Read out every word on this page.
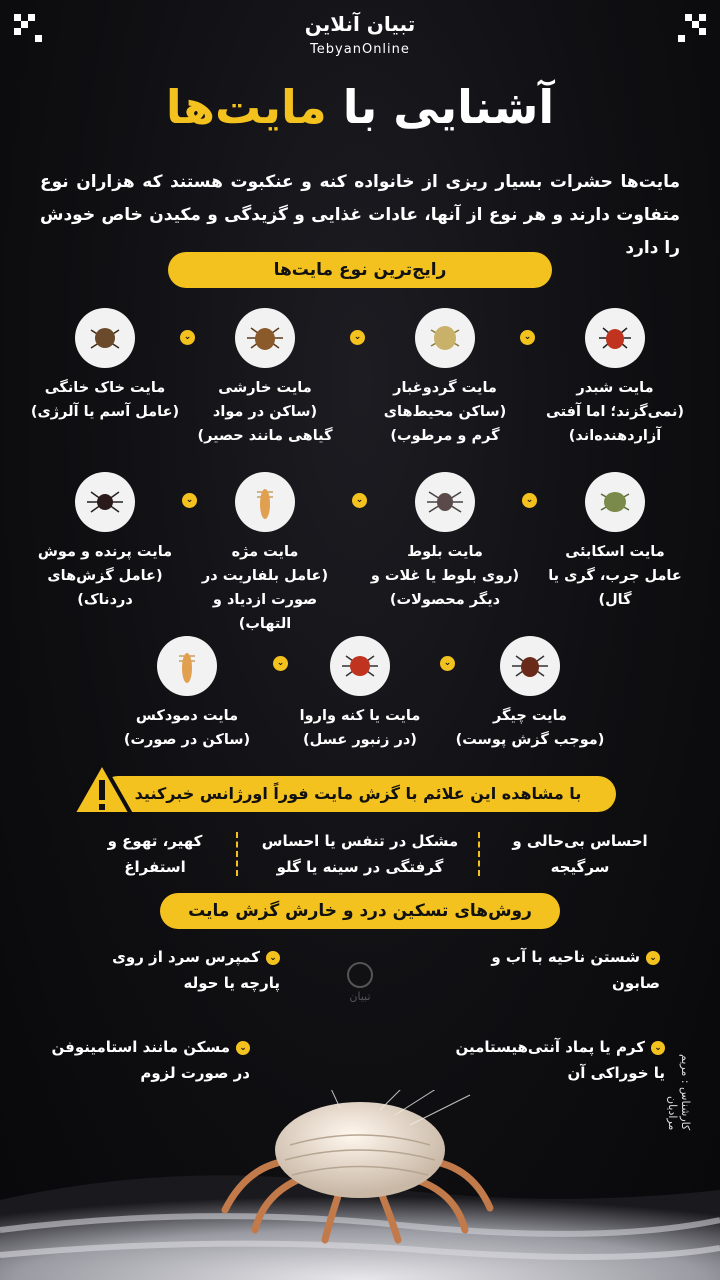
تبیان آنلاین
TebyanOnline
آشنایی با مایت‌ها
مایت‌ها حشرات بسیار ریزی از خانواده کنه و عنکبوت هستند که هزاران نوع متفاوت دارند و هر نوع از آنها، عادات غذایی و گزیدگی و مکیدن خاص خودش را دارد
رایج‌ترین نوع مایت‌ها
مایت شبدر
(نمی‌گزند؛ اما آفتی آزاردهنده‌اند)
⌄
مایت گردوغبار
(ساکن محیط‌های گرم و مرطوب)
⌄
مایت خارشی
(ساکن در مواد گیاهی مانند حصیر)
⌄
مایت خاک خانگی
(عامل آسم یا آلرژی)
مایت اسکابئی
عامل جرب، گری یا گال)
⌄
مایت بلوط
(روی بلوط یا غلات و دیگر محصولات)
⌄
مایت مژه
(عامل بلفاریت در صورت ازدیاد و التهاب)
⌄
مایت پرنده و موش
(عامل گزش‌های دردناک)
مایت چیگر
(موجب گزش پوست)
⌄
مایت یا کنه واروا
(در زنبور عسل)
⌄
مایت دمودکس
(ساکن در صورت)
با مشاهده این علائم با گزش مایت فوراً اورژانس خبرکنید
احساس بی‌حالی و سرگیجه
مشکل در تنفس یا احساس گرفتگی در سینه یا گلو
کهیر، تهوع و استفراغ
روش‌های تسکین درد و خارش گزش مایت
⌄شستن ناحیه با آب و صابون
⌄کمپرس سرد از روی پارچه یا حوله
⌄کرم یا پماد آنتی‌هیستامین یا خوراکی آن
⌄مسکن مانند استامینوفن در صورت لزوم
تبیان
کارشناس : مریم مرادیان
